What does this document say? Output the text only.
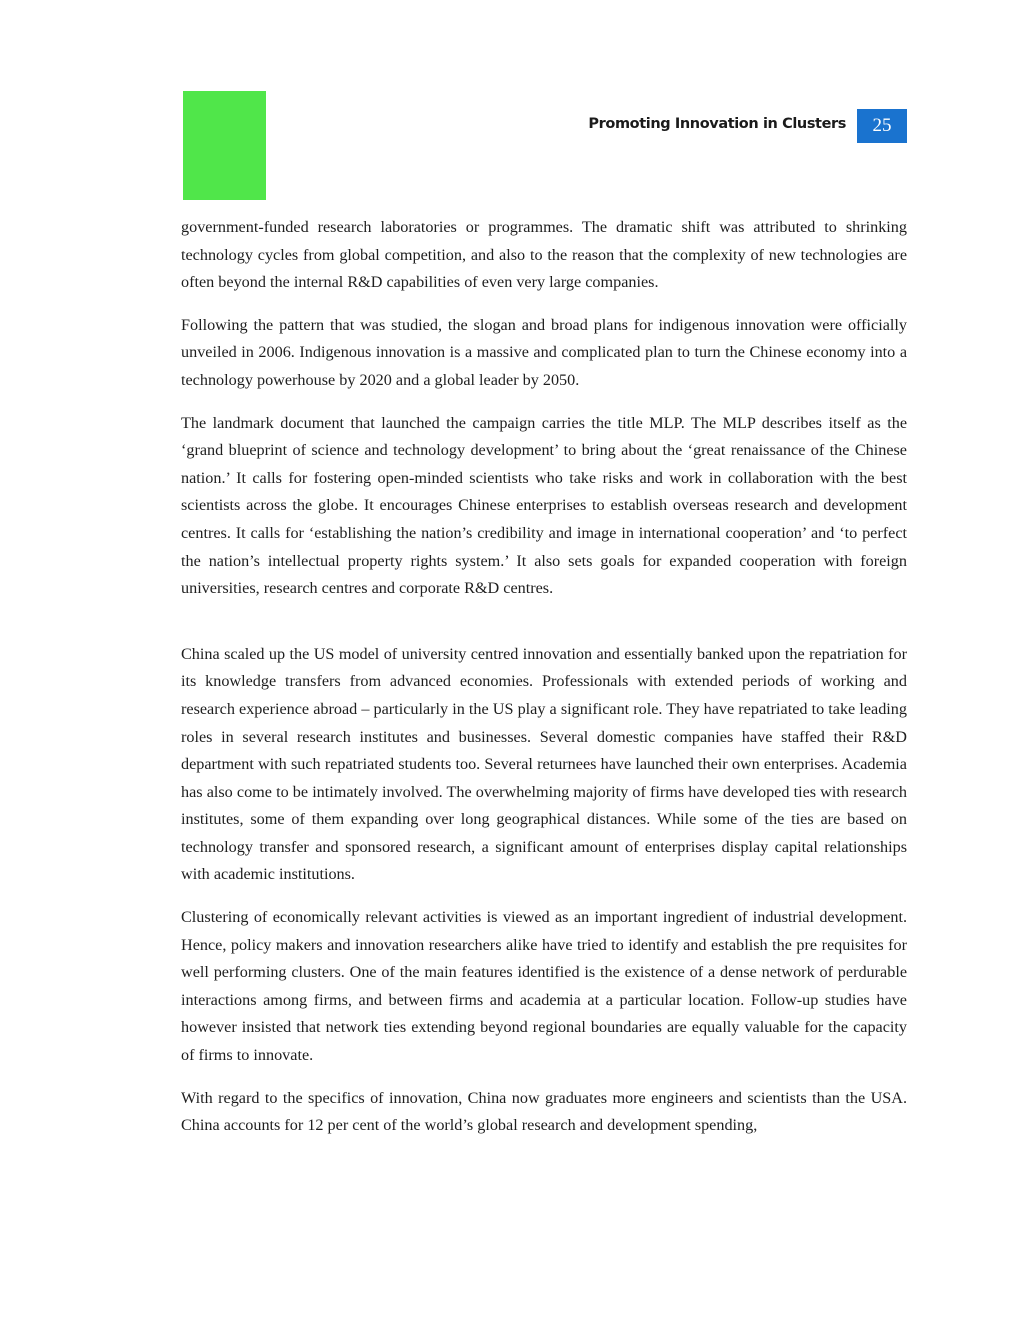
Promoting Innovation in Clusters	25

government-funded research laboratories or programmes. The dramatic shift was attributed to shrinking technology cycles from global competition, and also to the reason that the complexity of new technologies are often beyond the internal R&D capabilities of even very large companies.

Following the pattern that was studied, the slogan and broad plans for indigenous innovation were officially unveiled in 2006. Indigenous innovation is a massive and complicated plan to turn the Chinese economy into a technology powerhouse by 2020 and a global leader by 2050.

The landmark document that launched the campaign carries the title MLP. The MLP describes itself as the ‘grand blueprint of science and technology development’ to bring about the ‘great renaissance of the Chinese nation.’ It calls for fostering open-minded scientists who take risks and work in collaboration with the best scientists across the globe. It encourages Chinese enterprises to establish overseas research and development centres. It calls for ‘establishing the nation’s credibility and image in international cooperation’ and ‘to perfect the nation’s intellectual property rights system.’ It also sets goals for expanded cooperation with foreign universities, research centres and corporate R&D centres.

China scaled up the US model of university centred innovation and essentially banked upon the repatriation for its knowledge transfers from advanced economies. Professionals with extended periods of working and research experience abroad – particularly in the US play a significant role. They have repatriated to take leading roles in several research institutes and businesses. Several domestic companies have staffed their R&D department with such repatriated students too. Several returnees have launched their own enterprises. Academia has also come to be intimately involved. The overwhelming majority of firms have developed ties with research institutes, some of them expanding over long geographical distances. While some of the ties are based on technology transfer and sponsored research, a significant amount of enterprises display capital relationships with academic institutions.

Clustering of economically relevant activities is viewed as an important ingredient of industrial development. Hence, policy makers and innovation researchers alike have tried to identify and establish the pre requisites for well performing clusters. One of the main features identified is the existence of a dense network of perdurable interactions among firms, and between firms and academia at a particular location. Follow-up studies have however insisted that network ties extending beyond regional boundaries are equally valuable for the capacity of firms to innovate.

With regard to the specifics of innovation, China now graduates more engineers and scientists than the USA. China accounts for 12 per cent of the world’s global research and development spending,
